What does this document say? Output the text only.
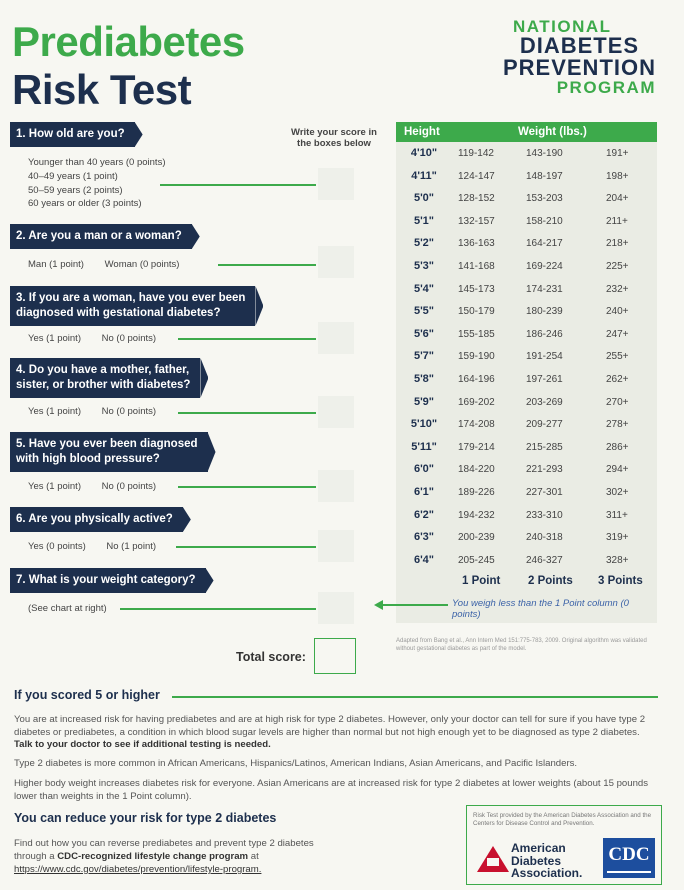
Prediabetes
Risk Test
NATIONAL
DIABETES
PREVENTION
PROGRAM
Write your score in the boxes below
1. How old are you?
Younger than 40 years (0 points)
40–49 years (1 point)
50–59 years (2 points)
60 years or older (3 points)
2. Are you a man or a woman?
Man (1 point) Woman (0 points)
3. If you are a woman, have you ever been
diagnosed with gestational diabetes?
Yes (1 point) No (0 points)
4. Do you have a mother, father,
sister, or brother with diabetes?
Yes (1 point) No (0 points)
5. Have you ever been diagnosed
with high blood pressure?
Yes (1 point) No (0 points)
6. Are you physically active?
Yes (0 points) No (1 point)
7. What is your weight category?
(See chart at right)
Height	Weight (lbs.)
4'10"	119-142	143-190	191+
4'11"	124-147	148-197	198+
5'0"	128-152	153-203	204+
5'1"	132-157	158-210	211+
5'2"	136-163	164-217	218+
5'3"	141-168	169-224	225+
5'4"	145-173	174-231	232+
5'5"	150-179	180-239	240+
5'6"	155-185	186-246	247+
5'7"	159-190	191-254	255+
5'8"	164-196	197-261	262+
5'9"	169-202	203-269	270+
5'10"	174-208	209-277	278+
5'11"	179-214	215-285	286+
6'0"	184-220	221-293	294+
6'1"	189-226	227-301	302+
6'2"	194-232	233-310	311+
6'3"	200-239	240-318	319+
6'4"	205-245	246-327	328+
1 Point 2 Points 3 Points
You weigh less than the 1 Point column (0 points)
Adapted from Bang et al., Ann Intern Med 151:775-783, 2009. Original algorithm was validated without gestational diabetes as part of the model.
Total score:
If you scored 5 or higher
You are at increased risk for having prediabetes and are at high risk for type 2 diabetes. However, only your doctor can tell for sure if you have type 2 diabetes or prediabetes, a condition in which blood sugar levels are higher than normal but not high enough yet to be diagnosed as type 2 diabetes. Talk to your doctor to see if additional testing is needed.
Type 2 diabetes is more common in African Americans, Hispanics/Latinos, American Indians, Asian Americans, and Pacific Islanders.
Higher body weight increases diabetes risk for everyone. Asian Americans are at increased risk for type 2 diabetes at lower weights (about 15 pounds lower than weights in the 1 Point column).
You can reduce your risk for type 2 diabetes
Find out how you can reverse prediabetes and prevent type 2 diabetes through a CDC-recognized lifestyle change program at https://www.cdc.gov/diabetes/prevention/lifestyle-program.
Risk Test provided by the American Diabetes Association and the Centers for Disease Control and Prevention.
American
Diabetes
Association.
CDC
